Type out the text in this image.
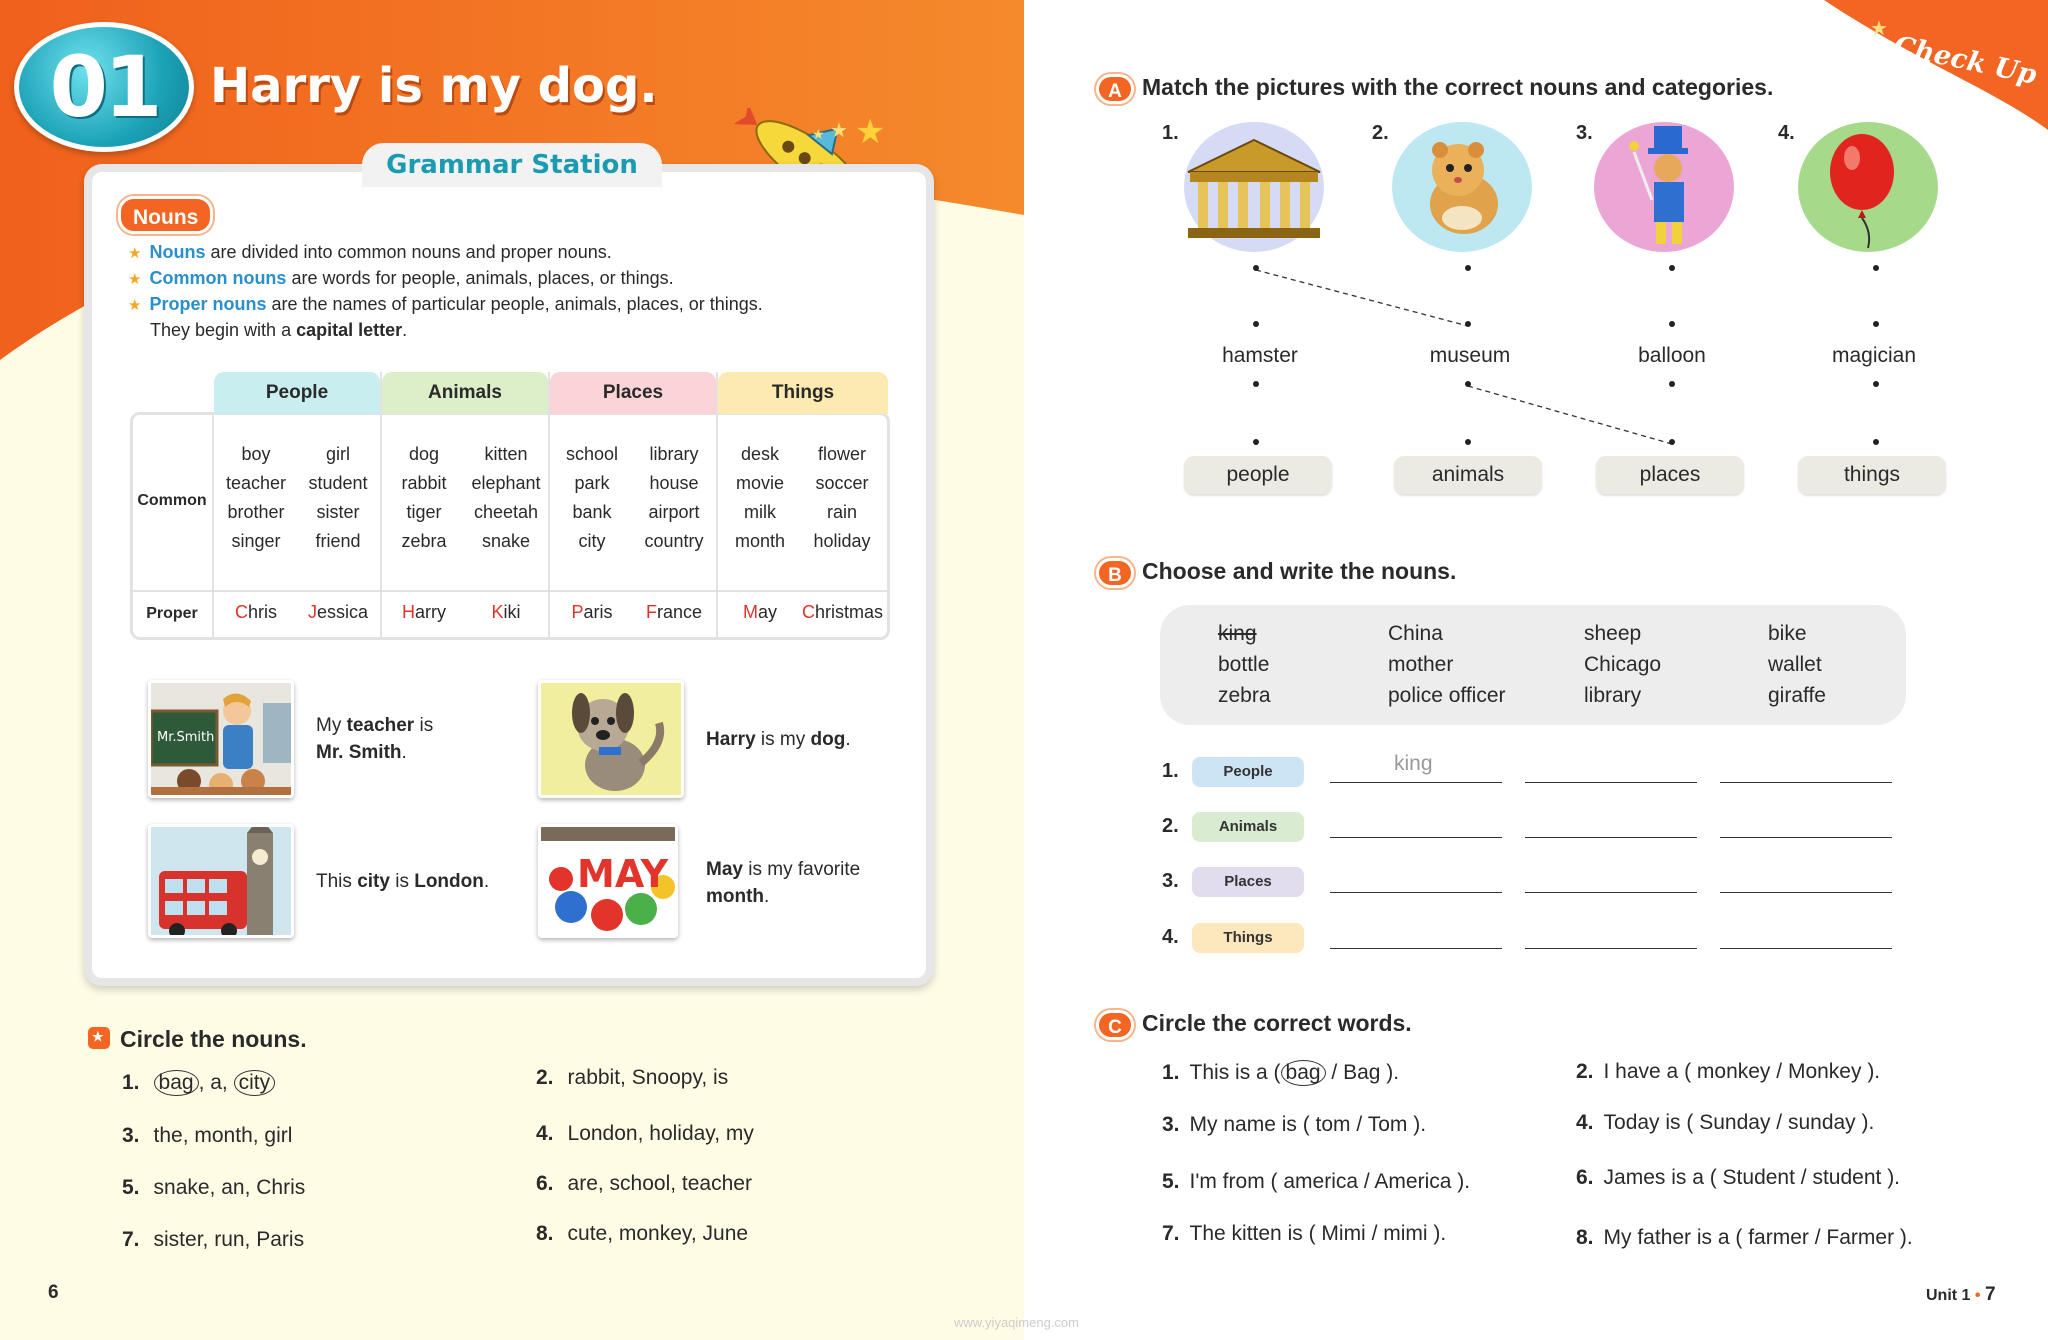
01 Harry is my dog.
★
★
★
Grammar Station
Nouns
★ Nouns are divided into common nouns and proper nouns.
★ Common nouns are words for people, animals, places, or things.
★ Proper nouns are the names of particular people, animals, places, or things.
They begin with a capital letter.
People	Animals	Places	Things
Common
Proper
boy	girl	dog	kitten	school	library	desk	flower
teacher	student	rabbit	elephant	park	house	movie	soccer
brother	sister	tiger	cheetah	bank	airport	milk	rain
singer	friend	zebra	snake	city	country	month	holiday
Chris	Jessica	Harry	Kiki	Paris	France	May	Christmas
Mr.Smith
My teacher is
Mr. Smith.
Harry is my dog.
This city is London. MAY May is my favorite
month.
★Circle the nouns.
1. bag , a, city	2. rabbit, Snoopy, is
3. the, month, girl	4. London, holiday, my
5. snake, an, Chris	6. are, school, teacher
7. sister, run, Paris	8. cute, monkey, June
6
Check Up
★
A Match the pictures with the correct nouns and categories.
1.	2.	3.	4.
hamster	museum	balloon	magician
people	animals	places	things
B Choose and write the nouns.
king	China	sheep	bike
bottle	mother	Chicago	wallet
zebra	police officer	library	giraffe
1.	People
2.	Animals
3.	Places
4.	Things
king
C Circle the correct words.
1. This is a ( bag / Bag ).	2. I have a ( monkey / Monkey ).
3. My name is ( tom / Tom ).	4. Today is ( Sunday / sunday ).
5. I'm from ( america / America ).	6. James is a ( Student / student ).
7. The kitten is ( Mimi / mimi ).	8. My father is a ( farmer / Farmer ).
Unit 1 • 7
www.yiyaqimeng.com
